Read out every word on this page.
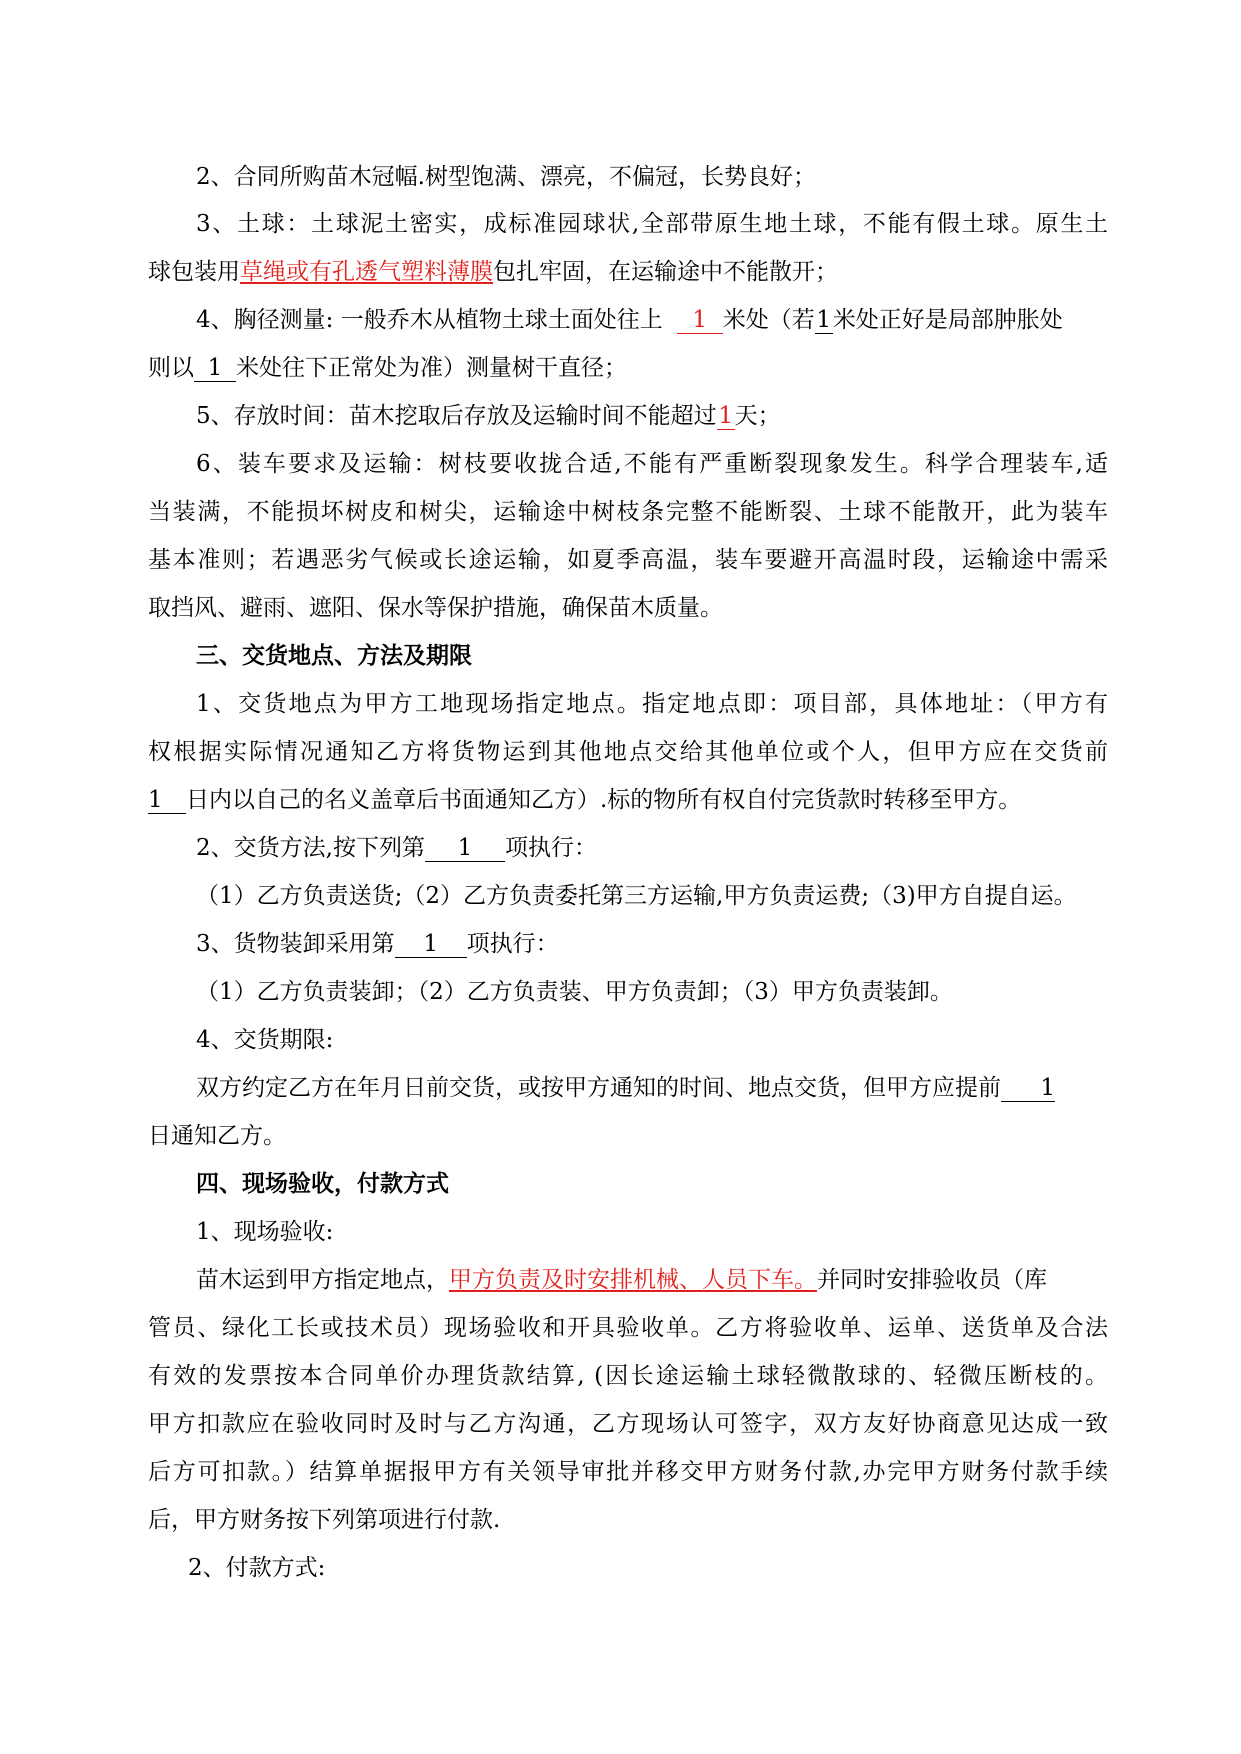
2、合同所购苗木冠幅.树型饱满、漂亮，不偏冠，长势良好；
3、土球：土球泥土密实，成标准园球状,全部带原生地土球，不能有假土球。原生土
球包装用草绳或有孔透气塑料薄膜包扎牢固，在运输途中不能散开；
4、胸径测量: 一般乔木从植物土球土面处往上 1 米处（若1米处正好是局部肿胀处
则以 1 米处往下正常处为准）测量树干直径；
5、存放时间：苗木挖取后存放及运输时间不能超过1天；
6、装车要求及运输：树枝要收拢合适,不能有严重断裂现象发生。科学合理装车,适
当装满，不能损坏树皮和树尖，运输途中树枝条完整不能断裂、土球不能散开，此为装车
基本准则；若遇恶劣气候或长途运输，如夏季高温，装车要避开高温时段，运输途中需采
取挡风、避雨、遮阳、保水等保护措施，确保苗木质量。
三、交货地点、方法及期限
1、交货地点为甲方工地现场指定地点。指定地点即：项目部，具体地址：（甲方有
权根据实际情况通知乙方将货物运到其他地点交给其他单位或个人，但甲方应在交货前
1 日内以自己的名义盖章后书面通知乙方）.标的物所有权自付完货款时转移至甲方。
2、交货方法,按下列第 1 项执行：
（1）乙方负责送货;（2）乙方负责委托第三方运输,甲方负责运费;（3)甲方自提自运。
3、货物装卸采用第 1 项执行：
（1）乙方负责装卸；（2）乙方负责装、甲方负责卸；（3）甲方负责装卸。
4、交货期限:
双方约定乙方在年月日前交货，或按甲方通知的时间、地点交货，但甲方应提前 1
日通知乙方。
四、现场验收，付款方式
1、现场验收:
苗木运到甲方指定地点，甲方负责及时安排机械、人员下车。并同时安排验收员（库
管员、绿化工长或技术员）现场验收和开具验收单。乙方将验收单、运单、送货单及合法
有效的发票按本合同单价办理货款结算, (因长途运输土球轻微散球的、轻微压断枝的。
甲方扣款应在验收同时及时与乙方沟通，乙方现场认可签字，双方友好协商意见达成一致
后方可扣款。）结算单据报甲方有关领导审批并移交甲方财务付款,办完甲方财务付款手续
后，甲方财务按下列第项进行付款.
2、付款方式:
